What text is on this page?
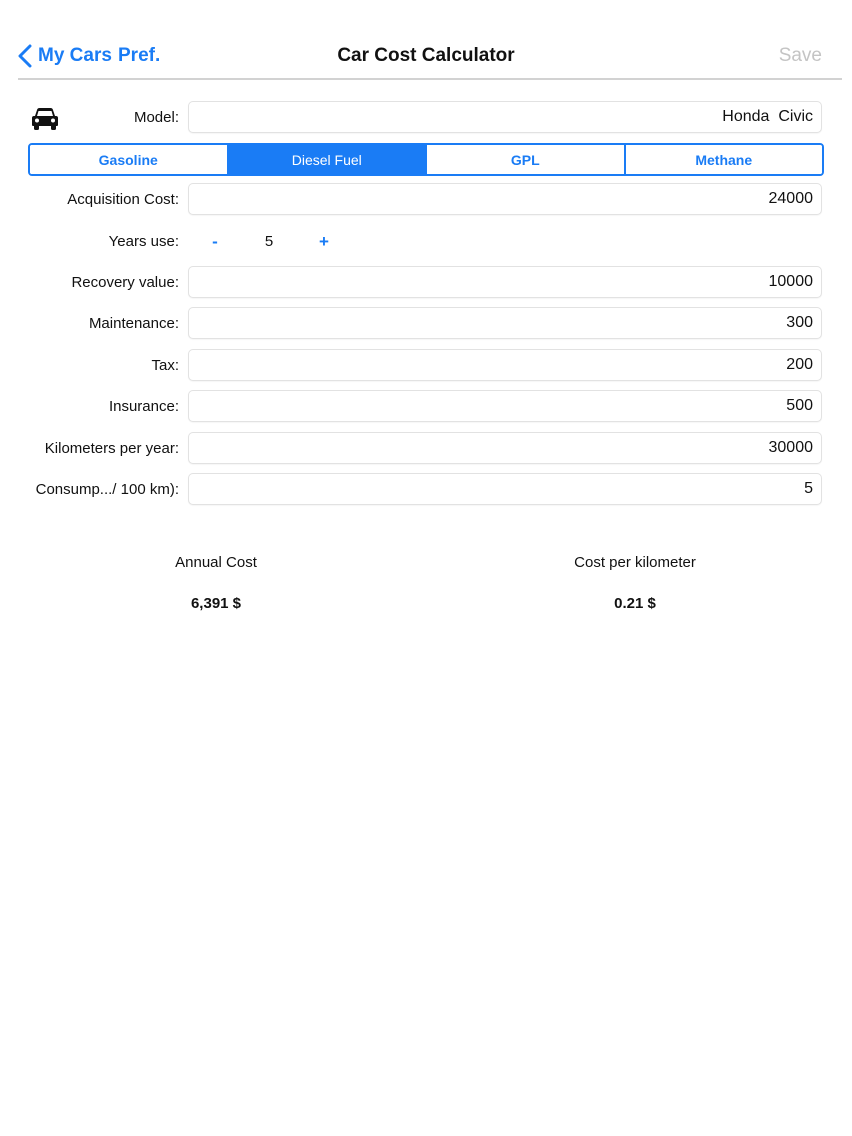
My Cars Pref.	Car Cost Calculator	Save
Model:
Honda Civic
Gasoline	Diesel Fuel	GPL	Methane
Acquisition Cost:
24000
Years use:	-	5	+
Recovery value:
10000
Maintenance:
300
Tax:
200
Insurance:
500
Kilometers per year:
30000
Consump.../ 100 km):
5
Annual Cost
6,391 $
Cost per kilometer
0.21 $
